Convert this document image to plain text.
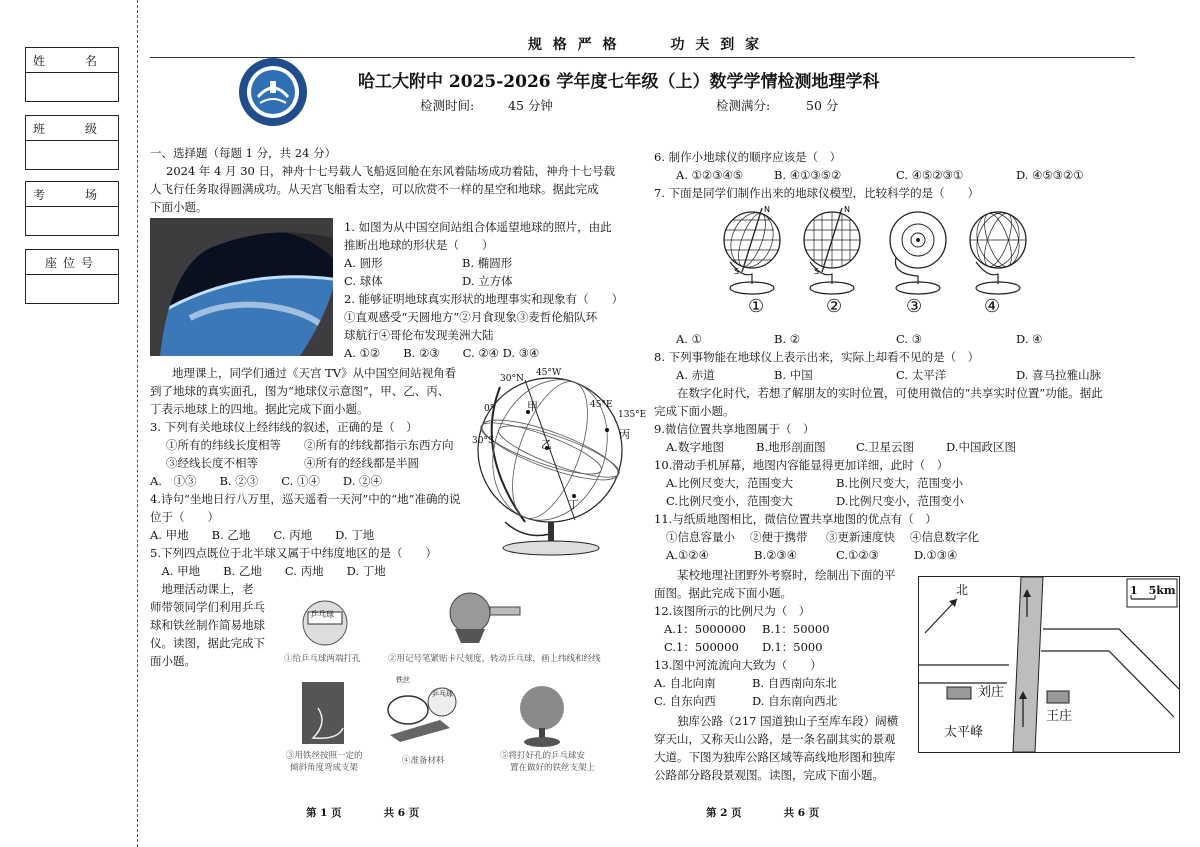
姓　名
班　级
考　场
座位号
规 格 严 格　　　功 夫 到 家
哈工大附中 2025-2026 学年度七年级（上）数学学情检测地理学科
检测时间:	45 分钟	检测满分:	50 分
一、选择题（每题 1 分，共 24 分）
2024 年 4 月 30 日，神舟十七号载人飞船返回舱在东风着陆场成功着陆，神舟十七号载
人飞行任务取得圆满成功。从天宫飞船看太空，可以欣赏不一样的星空和地球。据此完成
下面小题。
1. 如图为从中国空间站组合体遥望地球的照片，由此
推断出地球的形状是（　　）
A. 圆形	B. 椭圆形
C. 球体	D. 立方体
2. 能够证明地球真实形状的地理事实和现象有（　　）
①直观感受“天圆地方”②月食现象③麦哲伦船队环
球航行④哥伦布发现美洲大陆
A. ①②　　B. ②③　　C. ②④ D. ③④
地理课上，同学们通过《天宫 TV》从中国空间站视角看
到了地球的真实面孔，图为“地球仪示意图”，甲、乙、丙、
丁表示地球上的四地。据此完成下面小题。
3. 下列有关地球仪上经纬线的叙述，正确的是（　）
①所有的纬线长度相等 ②所有的纬线都指示东西方向
③经线长度不相等	④所有的经线都是半圆
A.　①③　　B. ②③　　C. ①④　　D. ②④
4.诗句“坐地日行八万里，巡天遥看一天河”中的“地”准确的说
位于（　　）
A. 甲地　　B. 乙地　　C. 丙地　　D. 丁地
5.下列四点既位于北半球又属于中纬度地区的是（　　）
　A. 甲地　　B. 乙地　　C. 丙地　　D. 丁地
30°N
45°W
0°	45°E
135°E
30°S
甲
乙
丙
丁
　地理活动课上，老
师带领同学们利用乒乓
球和铁丝制作简易地球
仪。读图，据此完成下
面小题。
乒乓球
①给乒乓球两端打孔	②用记号笔紧贴卡尺刻度，转动乒乓球，画上纬线和经线
③用铁丝按照一定的
倾斜角度弯成支架
铁丝
乒乓球
④准备材料	⑤将打好孔的乒乓球安
置在做好的铁丝支架上
第 1 页　　　　共 6 页
6. 制作小地球仪的顺序应该是（　）
A. ①②③④⑤	B. ④①③⑤②	C. ④⑤②③①	D. ④⑤③②①
7. 下面是同学们制作出来的地球仪模型，比较科学的是（　　）
N
S
N
S
①	②	③	④
A. ①	B. ②	C. ③	D. ④
8. 下列事物能在地球仪上表示出来，实际上却看不见的是（　）
A. 赤道	B. 中国	C. 太平洋	D. 喜马拉雅山脉
　　在数字化时代，若想了解朋友的实时位置，可使用微信的“共享实时位置”功能。据此
完成下面小题。
9.微信位置共享地图属于（　）
A.数字地图	B.地形剖面图	C.卫星云图	D.中国政区图
10.滑动手机屏幕，地图内容能显得更加详细，此时（　）
A.比例尺变大，范围变大	B.比例尺变大，范围变小
C.比例尺变小，范围变大	D.比例尺变小，范围变小
11.与纸质地图相比，微信位置共享地图的优点有（　）
①信息容量小 ②便于携带 ③更新速度快 ④信息数字化
A.①②④	B.②③④	C.①②③	D.①③④
　　某校地理社团野外考察时，绘制出下面的平
面图。据此完成下面小题。
12.该图所示的比例尺为（　）
A.1：5000000 B.1：50000
C.1：500000 D.1：5000
13.图中河流流向大致为（　　）
A. 自北向南	B. 自西南向东北
C. 自东向西	D. 自东南向西北
　　独库公路（217 国道独山子至库车段）阔横
穿天山，又称天山公路，是一条名副其实的景观
大道。下图为独库公路区域等高线地形图和独库
公路部分路段景观图。读图，完成下面小题。
北	1　5km
刘庄
王庄
太平峰
第 2 页　　　　共 6 页
